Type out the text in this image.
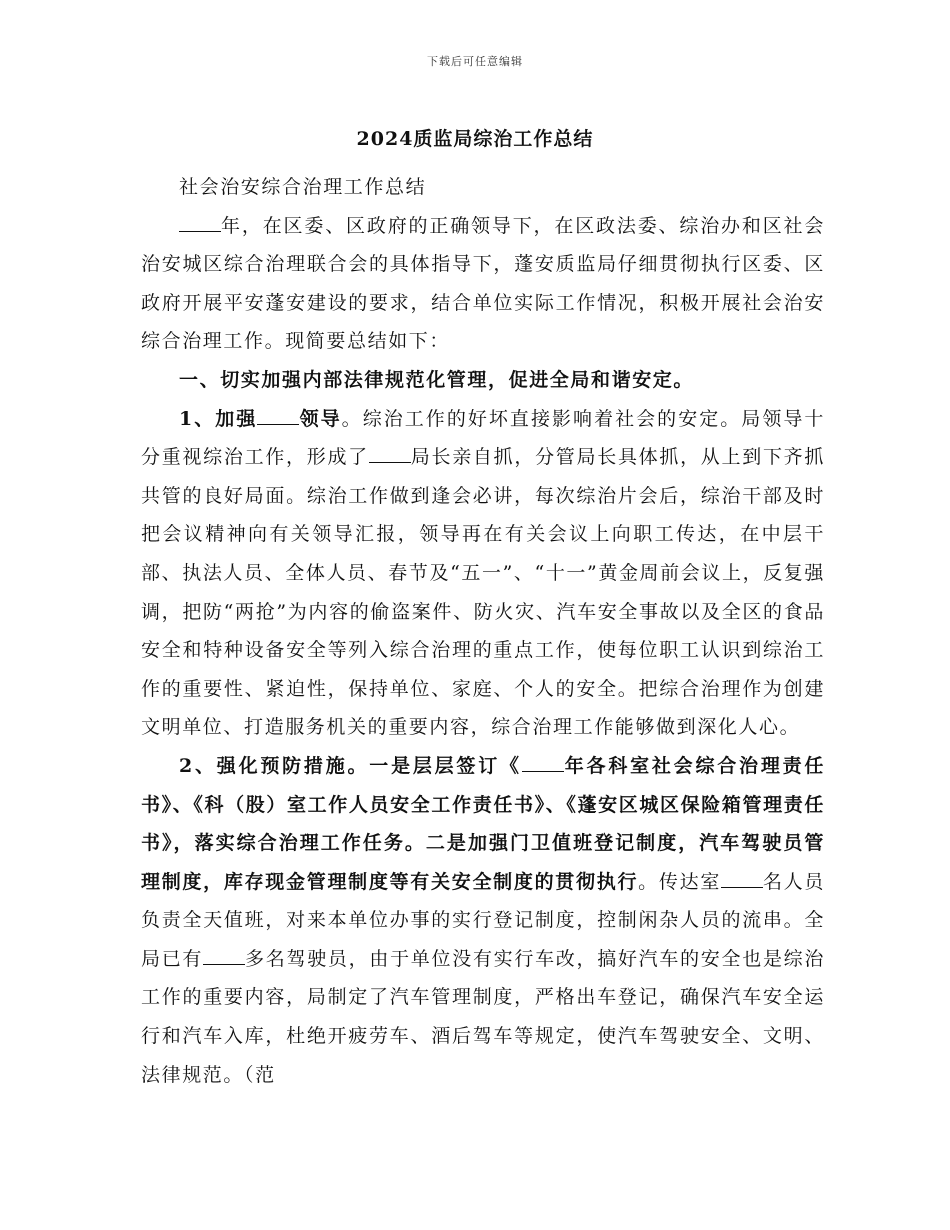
下载后可任意编辑
2024质监局综治工作总结

社会治安综合治理工作总结

年，在区委、区政府的正确领导下，在区政法委、综治办和区社会治安城区综合治理联合会的具体指导下，蓬安质监局仔细贯彻执行区委、区政府开展平安蓬安建设的要求，结合单位实际工作情况，积极开展社会治安综合治理工作。现简要总结如下：

一、切实加强内部法律规范化管理，促进全局和谐安定。

1、加强 领导。综治工作的好坏直接影响着社会的安定。局领导十分重视综治工作，形成了 局长亲自抓，分管局长具体抓，从上到下齐抓共管的良好局面。综治工作做到逢会必讲，每次综治片会后，综治干部及时把会议精神向有关领导汇报，领导再在有关会议上向职工传达，在中层干部、执法人员、全体人员、春节及“五一”、“十一”黄金周前会议上，反复强调，把防“两抢”为内容的偷盗案件、防火灾、汽车安全事故以及全区的食品安全和特种设备安全等列入综合治理的重点工作，使每位职工认识到综治工作的重要性、紧迫性，保持单位、家庭、个人的安全。把综合治理作为创建文明单位、打造服务机关的重要内容，综合治理工作能够做到深化人心。

2、强化预防措施。一是层层签订《 年各科室社会综合治理责任书》、《科（股）室工作人员安全工作责任书》、《蓬安区城区保险箱管理责任书》，落实综合治理工作任务。二是加强门卫值班登记制度，汽车驾驶员管理制度，库存现金管理制度等有关安全制度的贯彻执行。传达室 名人员负责全天值班，对来本单位办事的实行登记制度，控制闲杂人员的流串。全局已有 多名驾驶员，由于单位没有实行车改，搞好汽车的安全也是综治工作的重要内容，局制定了汽车管理制度，严格出车登记，确保汽车安全运行和汽车入库，杜绝开疲劳车、酒后驾车等规定，使汽车驾驶安全、文明、法律规范。（范
